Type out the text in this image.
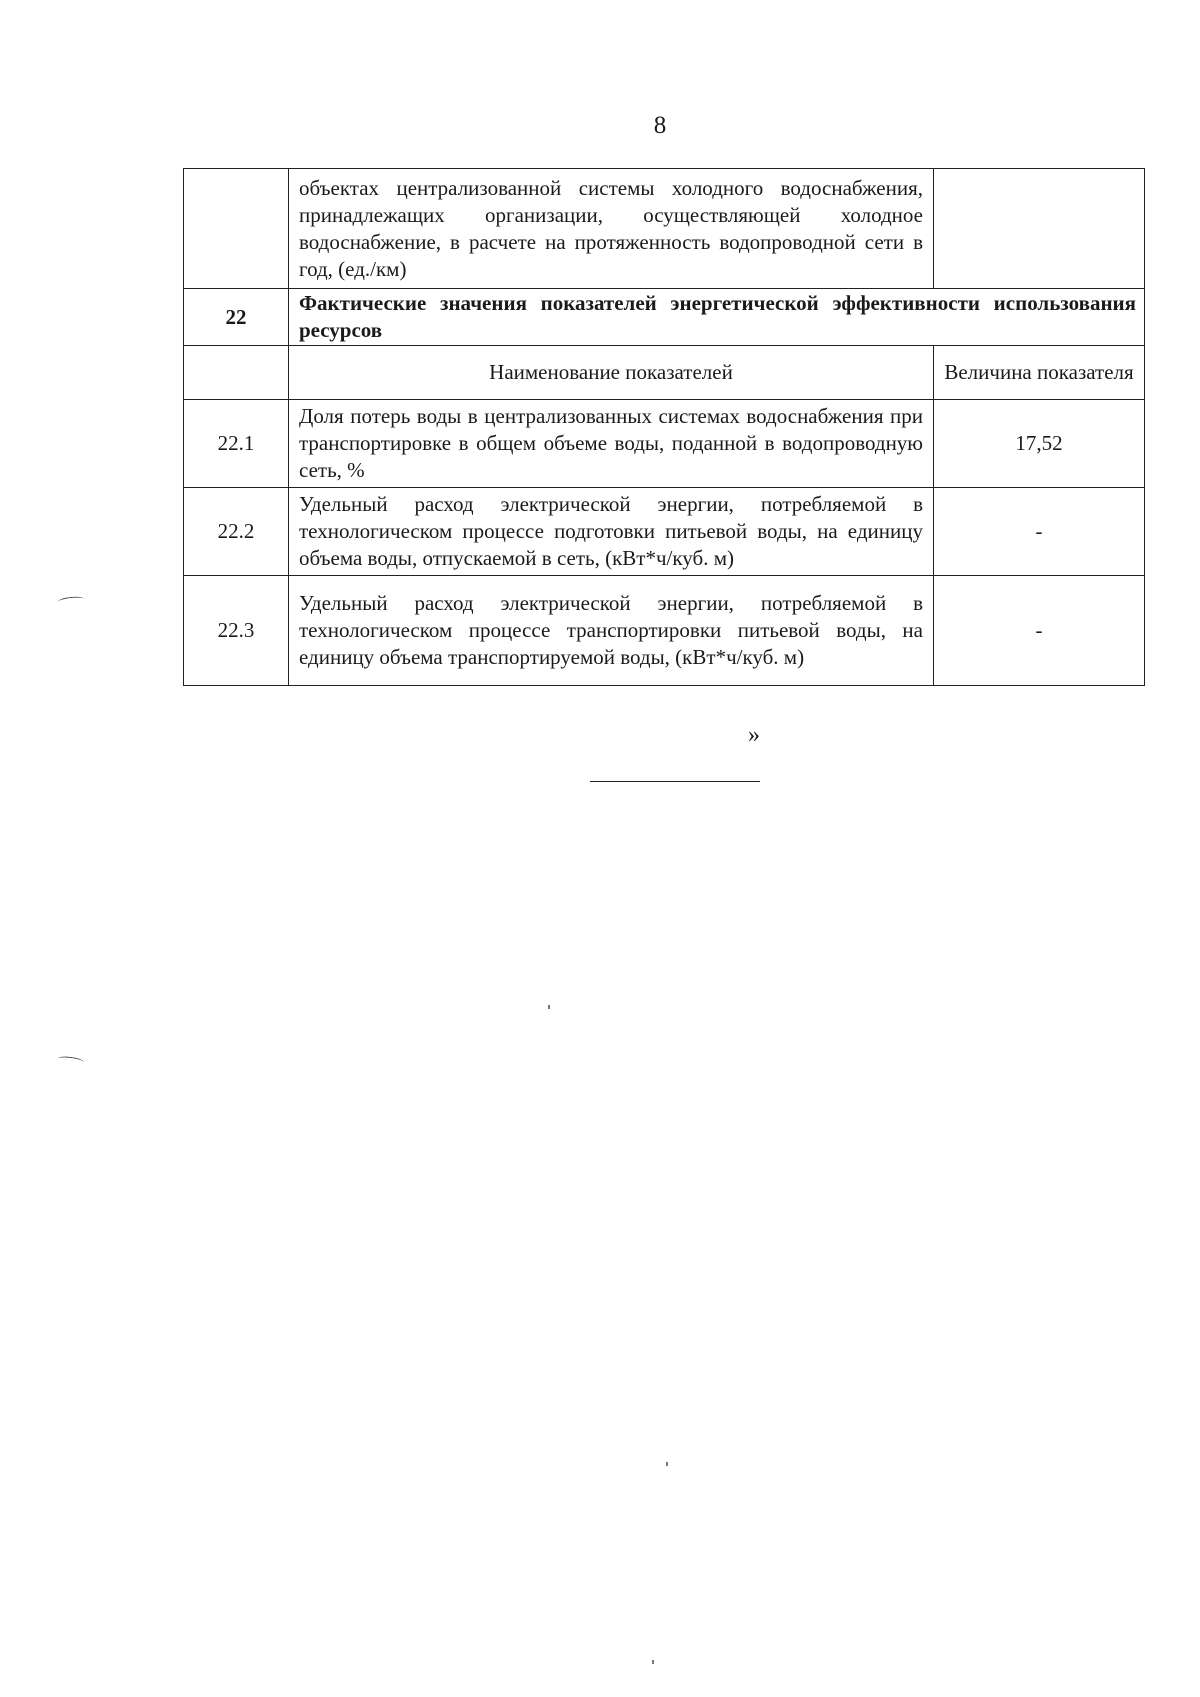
8
	объектах централизованной системы холодного водоснабжения, принадлежащих организации, осуществляющей холодное водоснабжение, в расчете на протяженность водопроводной сети в год, (ед./км)	
22	Фактические значения показателей энергетической эффективности использования ресурсов	
	Наименование показателей	Величина показателя
22.1	Доля потерь воды в централизованных системах водоснабжения при транспортировке в общем объеме воды, поданной в водопроводную сеть, %	17,52
22.2	Удельный расход электрической энергии, потребляемой в технологическом процессе подготовки питьевой воды, на единицу объема воды, отпускаемой в сеть, (кВт*ч/куб. м)	-
22.3	Удельный расход электрической энергии, потребляемой в технологическом процессе транспортировки питьевой воды, на единицу объема транспортируемой воды, (кВт*ч/куб. м)	-
»
